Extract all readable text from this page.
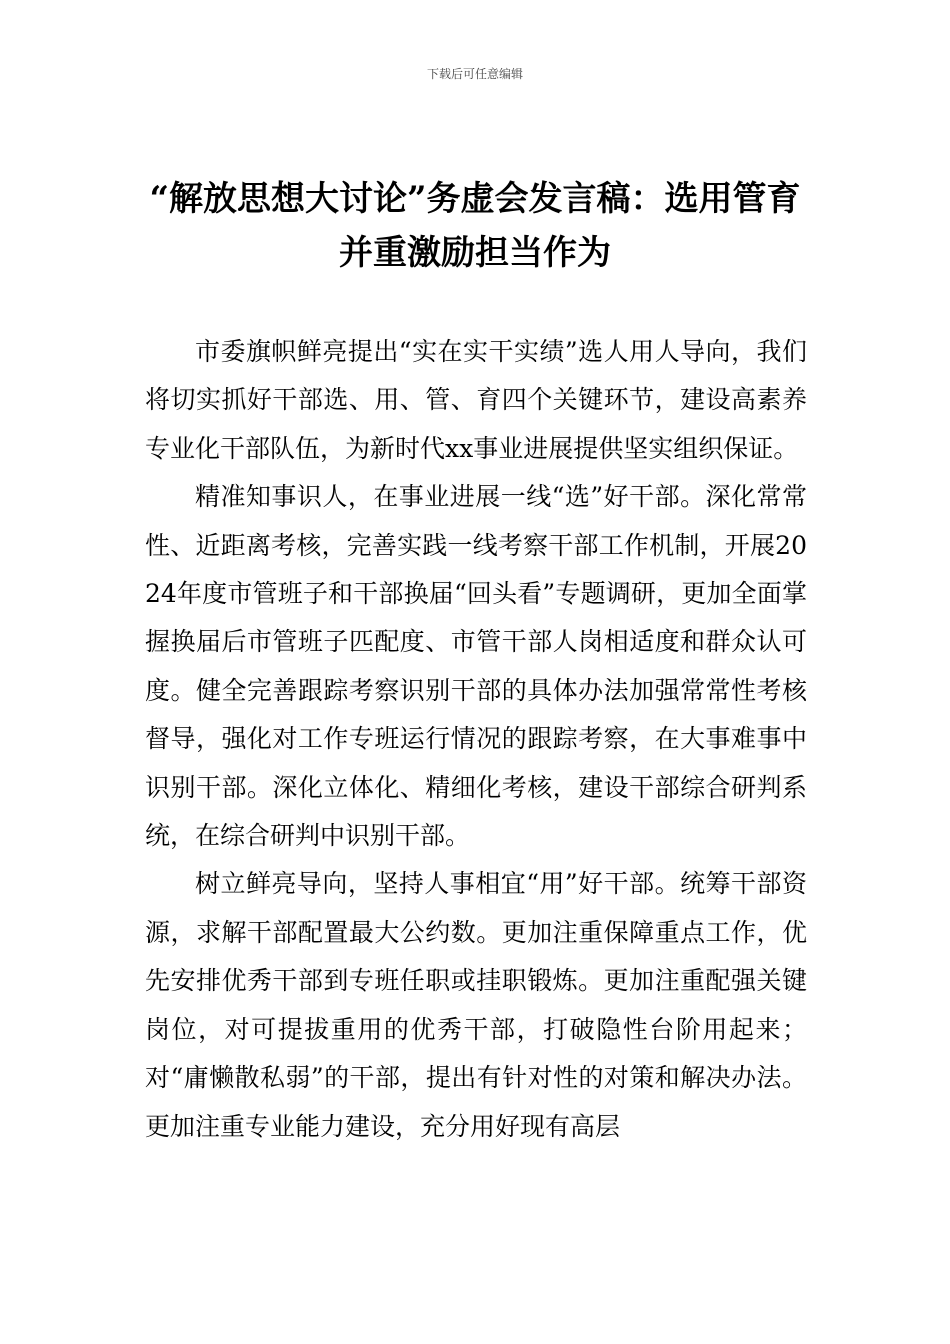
下载后可任意编辑
“解放思想大讨论”务虚会发言稿：选用管育并重激励担当作为

市委旗帜鲜亮提出“实在实干实绩”选人用人导向，我们将切实抓好干部选、用、管、育四个关键环节，建设高素养专业化干部队伍，为新时代xx事业进展提供坚实组织保证。

精准知事识人，在事业进展一线“选”好干部。深化常常性、近距离考核，完善实践一线考察干部工作机制，开展2024年度市管班子和干部换届“回头看”专题调研，更加全面掌握换届后市管班子匹配度、市管干部人岗相适度和群众认可度。健全完善跟踪考察识别干部的具体办法加强常常性考核督导，强化对工作专班运行情况的跟踪考察，在大事难事中识别干部。深化立体化、精细化考核，建设干部综合研判系统，在综合研判中识别干部。

树立鲜亮导向，坚持人事相宜“用”好干部。统筹干部资源，求解干部配置最大公约数。更加注重保障重点工作，优先安排优秀干部到专班任职或挂职锻炼。更加注重配强关键岗位，对可提拔重用的优秀干部，打破隐性台阶用起来；对“庸懒散私弱”的干部，提出有针对性的对策和解决办法。更加注重专业能力建设，充分用好现有高层
